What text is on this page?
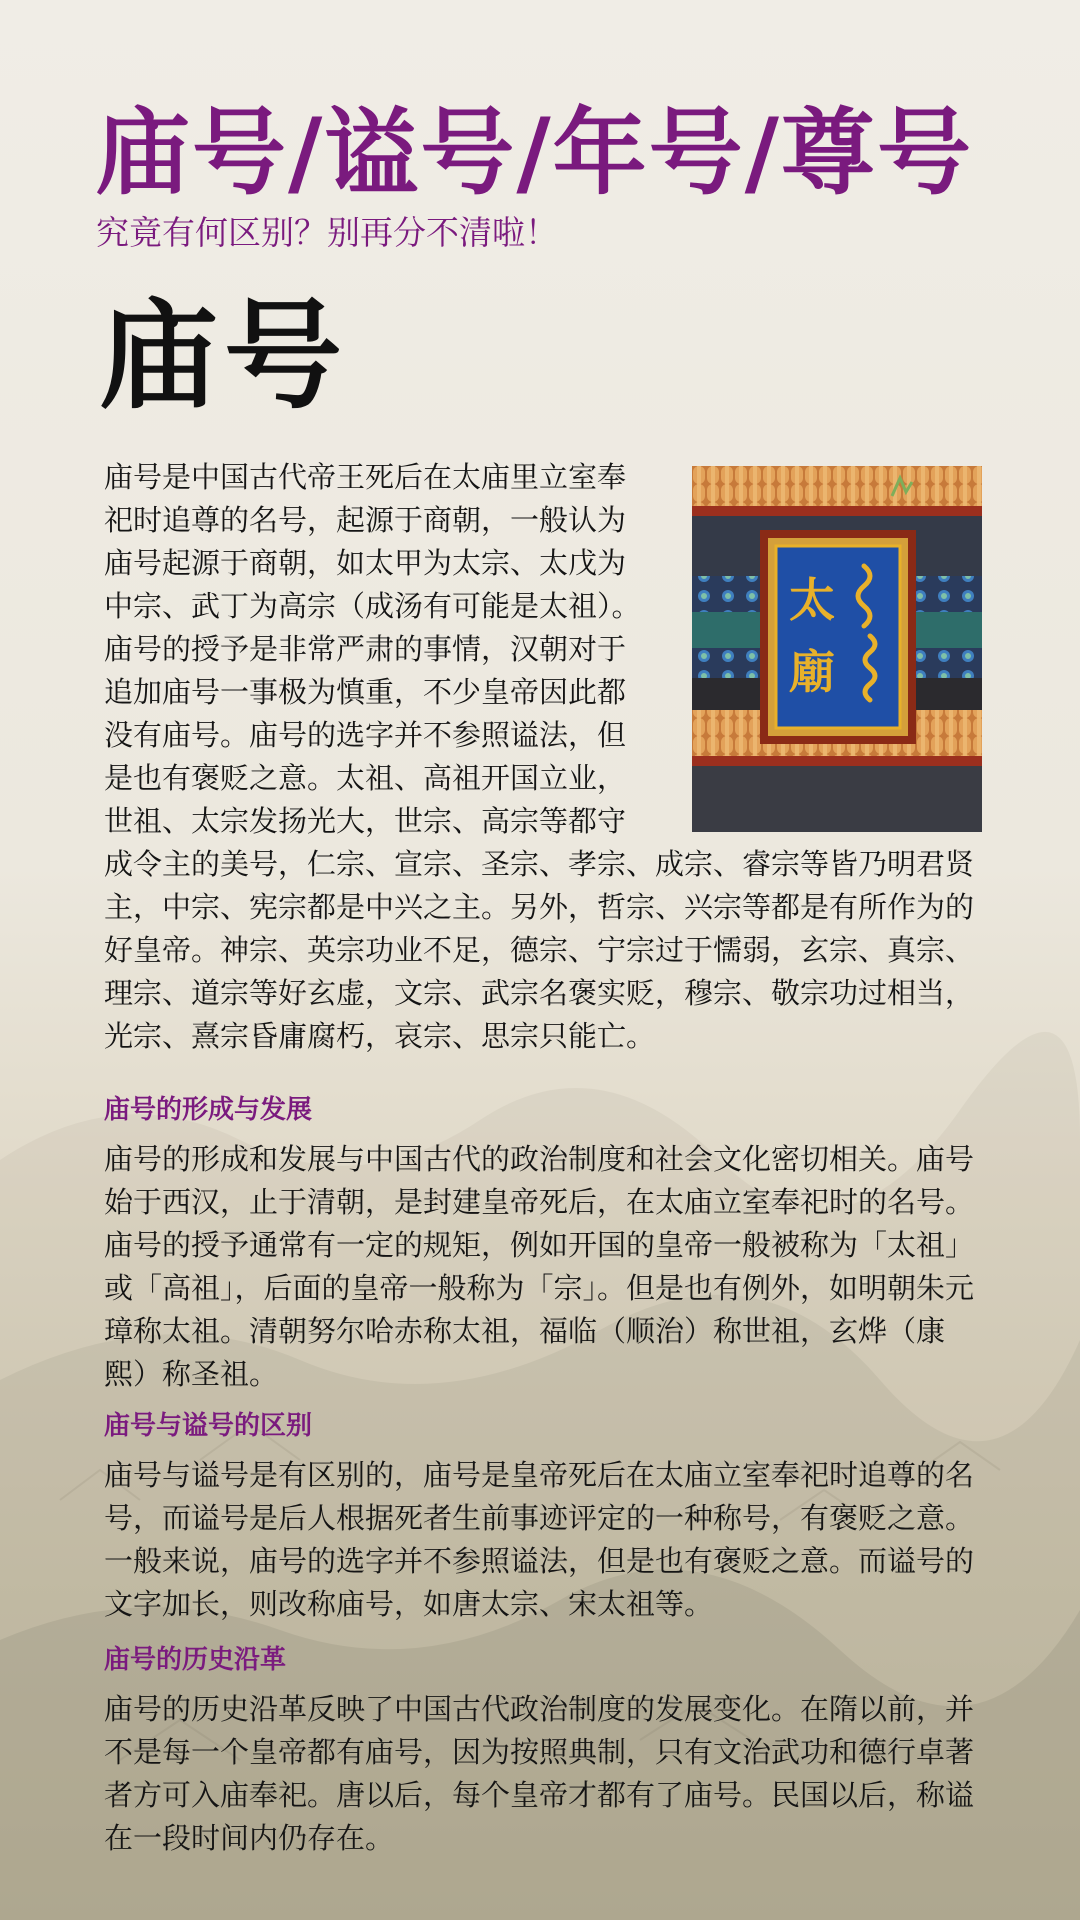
庙号/谥号/年号/尊号

究竟有何区别？别再分不清啦！

庙号
太
廟

庙号是中国古代帝王死后在太庙里立室奉祀时追尊的名号，起源于商朝，一般认为庙号起源于商朝，如太甲为太宗、太戊为中宗、武丁为高宗（成汤有可能是太祖）。庙号的授予是非常严肃的事情，汉朝对于追加庙号一事极为慎重，不少皇帝因此都没有庙号。庙号的选字并不参照谥法，但是也有褒贬之意。太祖、高祖开国立业，世祖、太宗发扬光大，世宗、高宗等都守成令主的美号，仁宗、宣宗、圣宗、孝宗、成宗、睿宗等皆乃明君贤主，中宗、宪宗都是中兴之主。另外，哲宗、兴宗等都是有所作为的好皇帝。神宗、英宗功业不足，德宗、宁宗过于懦弱，玄宗、真宗、理宗、道宗等好玄虚，文宗、武宗名褒实贬，穆宗、敬宗功过相当，光宗、熹宗昏庸腐朽，哀宗、思宗只能亡。

庙号的形成与发展

庙号的形成和发展与中国古代的政治制度和社会文化密切相关。庙号始于西汉，止于清朝，是封建皇帝死后，在太庙立室奉祀时的名号。庙号的授予通常有一定的规矩，例如开国的皇帝一般被称为「太祖」或「高祖」，后面的皇帝一般称为「宗」。但是也有例外，如明朝朱元璋称太祖。清朝努尔哈赤称太祖，福临（顺治）称世祖，玄烨（康熙）称圣祖。

庙号与谥号的区别

庙号与谥号是有区别的，庙号是皇帝死后在太庙立室奉祀时追尊的名号，而谥号是后人根据死者生前事迹评定的一种称号，有褒贬之意。一般来说，庙号的选字并不参照谥法，但是也有褒贬之意。而谥号的文字加长，则改称庙号，如唐太宗、宋太祖等。

庙号的历史沿革

庙号的历史沿革反映了中国古代政治制度的发展变化。在隋以前，并不是每一个皇帝都有庙号，因为按照典制，只有文治武功和德行卓著者方可入庙奉祀。唐以后，每个皇帝才都有了庙号。民国以后，称谥在一段时间内仍存在。
